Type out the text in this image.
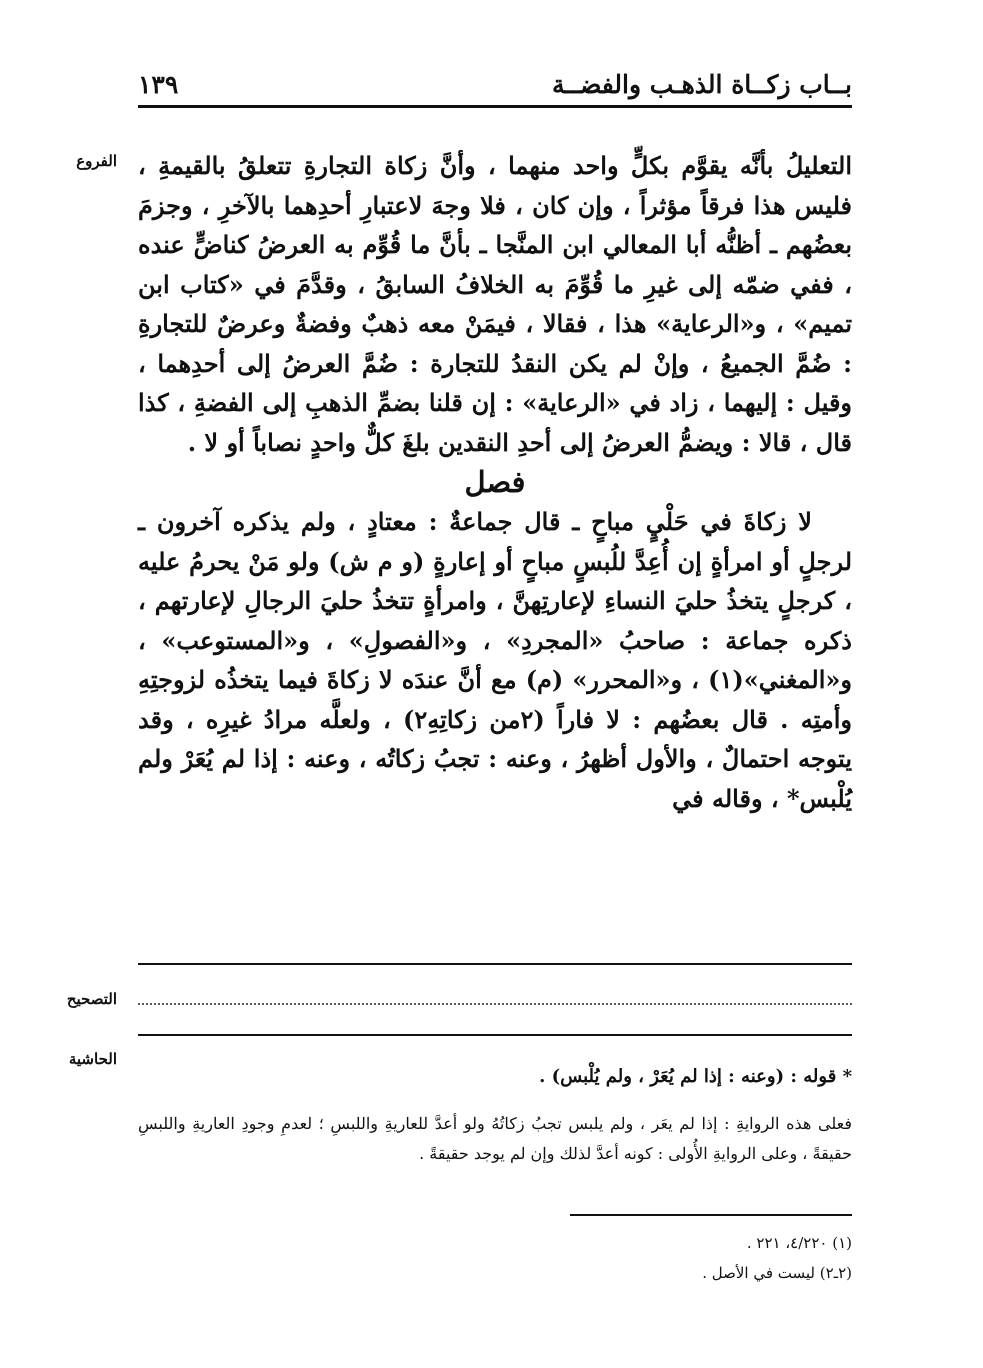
بــاب زكــاة الذهـب والفضــة
١٣٩
الفروع
التصحيح
الحاشية

التعليلُ بأنَّه يقوَّم بكلٍّ واحد منهما ، وأنَّ زكاة التجارةِ تتعلقُ بالقيمةِ ، فليس هذا فرقاً مؤثراً ، وإن كان ، فلا وجهَ لاعتبارِ أحدِهما بالآخرِ ، وجزمَ بعضُهم ـ أظنُّه أبا المعالي ابن المنَّجا ـ بأنَّ ما قُوِّم به العرضُ كناضٍّ عنده ، ففي ضمّه إلى غيرِ ما قُوِّمَ به الخلافُ السابقُ ، وقدَّمَ في «كتاب ابن تميم» ، و«الرعاية» هذا ، فقالا ، فيمَنْ معه ذهبٌ وفضةٌ وعرضٌ للتجارةِ : ضُمَّ الجميعُ ، وإنْ لم يكن النقدُ للتجارة : ضُمَّ العرضُ إلى أحدِهما ، وقيل : إليهما ، زاد في «الرعاية» : إن قلنا بضمِّ الذهبِ إلى الفضةِ ، كذا قال ، قالا : ويضمُّ العرضُ إلى أحدِ النقدين بلغَ كلٌّ واحدٍ نصاباً أو لا .

فصل

لا زكاةَ في حَلْيٍ مباحٍ ـ قال جماعةٌ : معتادٍ ، ولم يذكره آخرون ـ لرجلٍ أو امرأةٍ إن أُعِدَّ للُبسٍ مباحٍ أو إعارةٍ (و م ش) ولو مَنْ يحرمُ عليه ، كرجلٍ يتخذُ حليَ النساءِ لإعارتِهنَّ ، وامرأةٍ تتخذُ حليَ الرجالِ لإعارتهم ، ذكره جماعة : صاحبُ «المجردِ» ، و«الفصولِ» ، و«المستوعب» ، و«المغني»(١) ، و«المحرر» (م) مع أنَّ عندَه لا زكاةَ فيما يتخذُه لزوجتِهِ وأمتِه . قال بعضُهم : لا فاراً (٢من زكاتِهِ٢) ، ولعلَّه مرادُ غيرِه ، وقد يتوجه احتمالٌ ، والأول أظهرُ ، وعنه : تجبُ زكاتُه ، وعنه : إذا لم يُعَرْ ولم يُلْبس* ، وقاله في

* قوله : (وعنه : إذا لم يُعَرْ ، ولم يُلْبس) .

فعلى هذه الروايةِ : إذا لم يعَر ، ولم يلبس تجبُ زكاتُهُ ولو أعدَّ للعاريةِ واللبسِ ؛ لعدمِ وجودِ العاريةِ واللبسِ حقيقةً ، وعلى الروايةِ الأُولى : كونه أعدَّ لذلك وإن لم يوجد حقيقةً .

(١) ٤/٢٢٠، ٢٢١ .
(٢ـ٢) ليست في الأصل .
